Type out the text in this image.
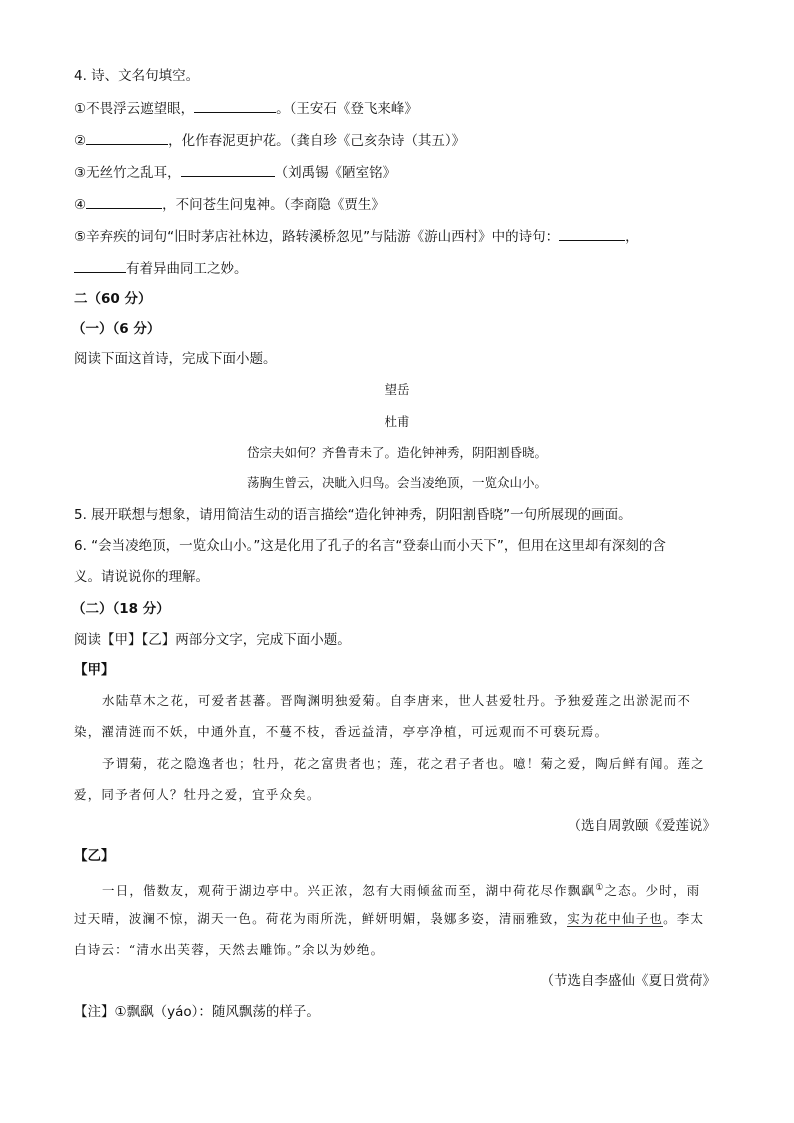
4. 诗、文名句填空。
①不畏浮云遮望眼，	。（王安石《登飞来峰》
②	，化作春泥更护花。（龚自珍《己亥杂诗（其五）》
③无丝竹之乱耳，	（刘禹锡《陋室铭》
④	，不问苍生问鬼神。（李商隐《贾生》
⑤辛弃疾的词句“旧时茅店社林边，路转溪桥忽见”与陆游《游山西村》中的诗句：	，
有着异曲同工之妙。
二（60 分）
（一）（6 分）
阅读下面这首诗，完成下面小题。
望岳
杜甫
岱宗夫如何？齐鲁青未了。造化钟神秀，阴阳割昏晓。
荡胸生曾云，决眦入归鸟。会当凌绝顶，一览众山小。
5. 展开联想与想象，请用简洁生动的语言描绘“造化钟神秀，阴阳割昏晓”一句所展现的画面。
6. “会当凌绝顶，一览众山小。”这是化用了孔子的名言“登泰山而小天下”，但用在这里却有深刻的含
义。请说说你的理解。
（二）（18 分）
阅读【甲】【乙】两部分文字，完成下面小题。
【甲】
水陆草木之花，可爱者甚蕃。晋陶渊明独爱菊。自李唐来，世人甚爱牡丹。予独爱莲之出淤泥而不
染，濯清涟而不妖，中通外直，不蔓不枝，香远益清，亭亭净植，可远观而不可亵玩焉。
予谓菊，花之隐逸者也；牡丹，花之富贵者也；莲，花之君子者也。噫！菊之爱，陶后鲜有闻。莲之
爱，同予者何人？牡丹之爱，宜乎众矣。
（选自周敦颐《爱莲说》
【乙】
一日，偕数友，观荷于湖边亭中。兴正浓，忽有大雨倾盆而至，湖中荷花尽作飘飖①之态。少时，雨
过天晴，波澜不惊，湖天一色。荷花为雨所洗，鲜妍明媚，袅娜多姿，清丽雅致，实为花中仙子也。李太
白诗云：“清水出芙蓉，天然去雕饰。”余以为妙绝。
（节选自李盛仙《夏日赏荷》
【注】①飘飖（yáo）：随风飘荡的样子。
